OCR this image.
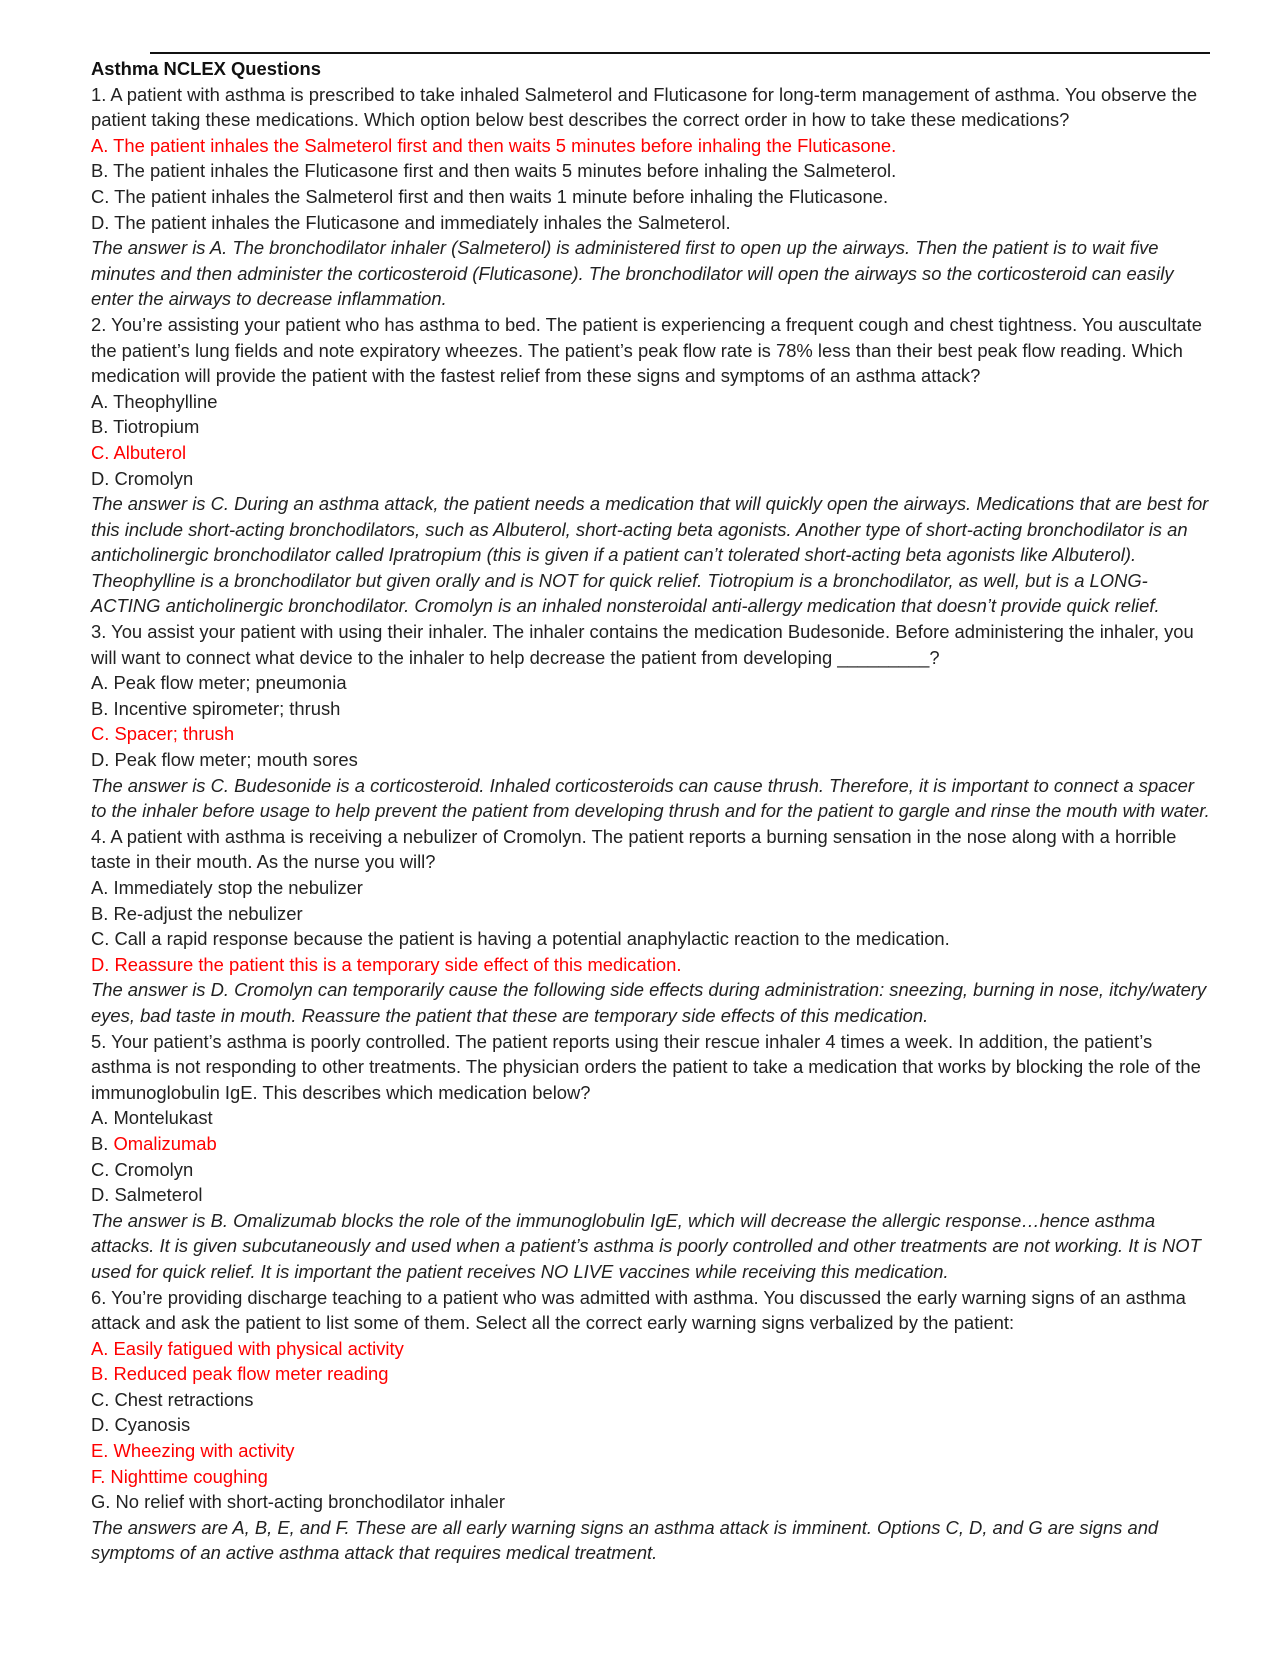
Asthma NCLEX Questions

1. A patient with asthma is prescribed to take inhaled Salmeterol and Fluticasone for long-term management of asthma. You observe the patient taking these medications. Which option below best describes the correct order in how to take these medications?

A. The patient inhales the Salmeterol first and then waits 5 minutes before inhaling the Fluticasone.

B. The patient inhales the Fluticasone first and then waits 5 minutes before inhaling the Salmeterol.

C. The patient inhales the Salmeterol first and then waits 1 minute before inhaling the Fluticasone.

D. The patient inhales the Fluticasone and immediately inhales the Salmeterol.

The answer is A. The bronchodilator inhaler (Salmeterol) is administered first to open up the airways. Then the patient is to wait five minutes and then administer the corticosteroid (Fluticasone). The bronchodilator will open the airways so the corticosteroid can easily enter the airways to decrease inflammation.

2. You’re assisting your patient who has asthma to bed. The patient is experiencing a frequent cough and chest tightness. You auscultate the patient’s lung fields and note expiratory wheezes. The patient’s peak flow rate is 78% less than their best peak flow reading. Which medication will provide the patient with the fastest relief from these signs and symptoms of an asthma attack?

A. Theophylline

B. Tiotropium

C. Albuterol

D. Cromolyn

The answer is C. During an asthma attack, the patient needs a medication that will quickly open the airways. Medications that are best for this include short-acting bronchodilators, such as Albuterol, short-acting beta agonists. Another type of short-acting bronchodilator is an anticholinergic bronchodilator called Ipratropium (this is given if a patient can’t tolerated short-acting beta agonists like Albuterol). Theophylline is a bronchodilator but given orally and is NOT for quick relief. Tiotropium is a bronchodilator, as well, but is a LONG-ACTING anticholinergic bronchodilator. Cromolyn is an inhaled nonsteroidal anti-allergy medication that doesn’t provide quick relief.

3. You assist your patient with using their inhaler. The inhaler contains the medication Budesonide. Before administering the inhaler, you will want to connect what device to the inhaler to help decrease the patient from developing _________?

A. Peak flow meter; pneumonia

B. Incentive spirometer; thrush

C. Spacer; thrush

D. Peak flow meter; mouth sores

The answer is C. Budesonide is a corticosteroid. Inhaled corticosteroids can cause thrush. Therefore, it is important to connect a spacer to the inhaler before usage to help prevent the patient from developing thrush and for the patient to gargle and rinse the mouth with water.

4. A patient with asthma is receiving a nebulizer of Cromolyn. The patient reports a burning sensation in the nose along with a horrible taste in their mouth. As the nurse you will?

A. Immediately stop the nebulizer

B. Re-adjust the nebulizer

C. Call a rapid response because the patient is having a potential anaphylactic reaction to the medication.

D. Reassure the patient this is a temporary side effect of this medication.

The answer is D. Cromolyn can temporarily cause the following side effects during administration: sneezing, burning in nose, itchy/watery eyes, bad taste in mouth. Reassure the patient that these are temporary side effects of this medication.

5. Your patient’s asthma is poorly controlled. The patient reports using their rescue inhaler 4 times a week. In addition, the patient’s asthma is not responding to other treatments. The physician orders the patient to take a medication that works by blocking the role of the immunoglobulin IgE. This describes which medication below?

A. Montelukast

B. Omalizumab

C. Cromolyn

D. Salmeterol

The answer is B. Omalizumab blocks the role of the immunoglobulin IgE, which will decrease the allergic response…hence asthma attacks. It is given subcutaneously and used when a patient’s asthma is poorly controlled and other treatments are not working. It is NOT used for quick relief. It is important the patient receives NO LIVE vaccines while receiving this medication.

6. You’re providing discharge teaching to a patient who was admitted with asthma. You discussed the early warning signs of an asthma attack and ask the patient to list some of them. Select all the correct early warning signs verbalized by the patient:

A. Easily fatigued with physical activity

B. Reduced peak flow meter reading

C. Chest retractions

D. Cyanosis

E. Wheezing with activity

F. Nighttime coughing

G. No relief with short-acting bronchodilator inhaler

The answers are A, B, E, and F. These are all early warning signs an asthma attack is imminent. Options C, D, and G are signs and symptoms of an active asthma attack that requires medical treatment.
